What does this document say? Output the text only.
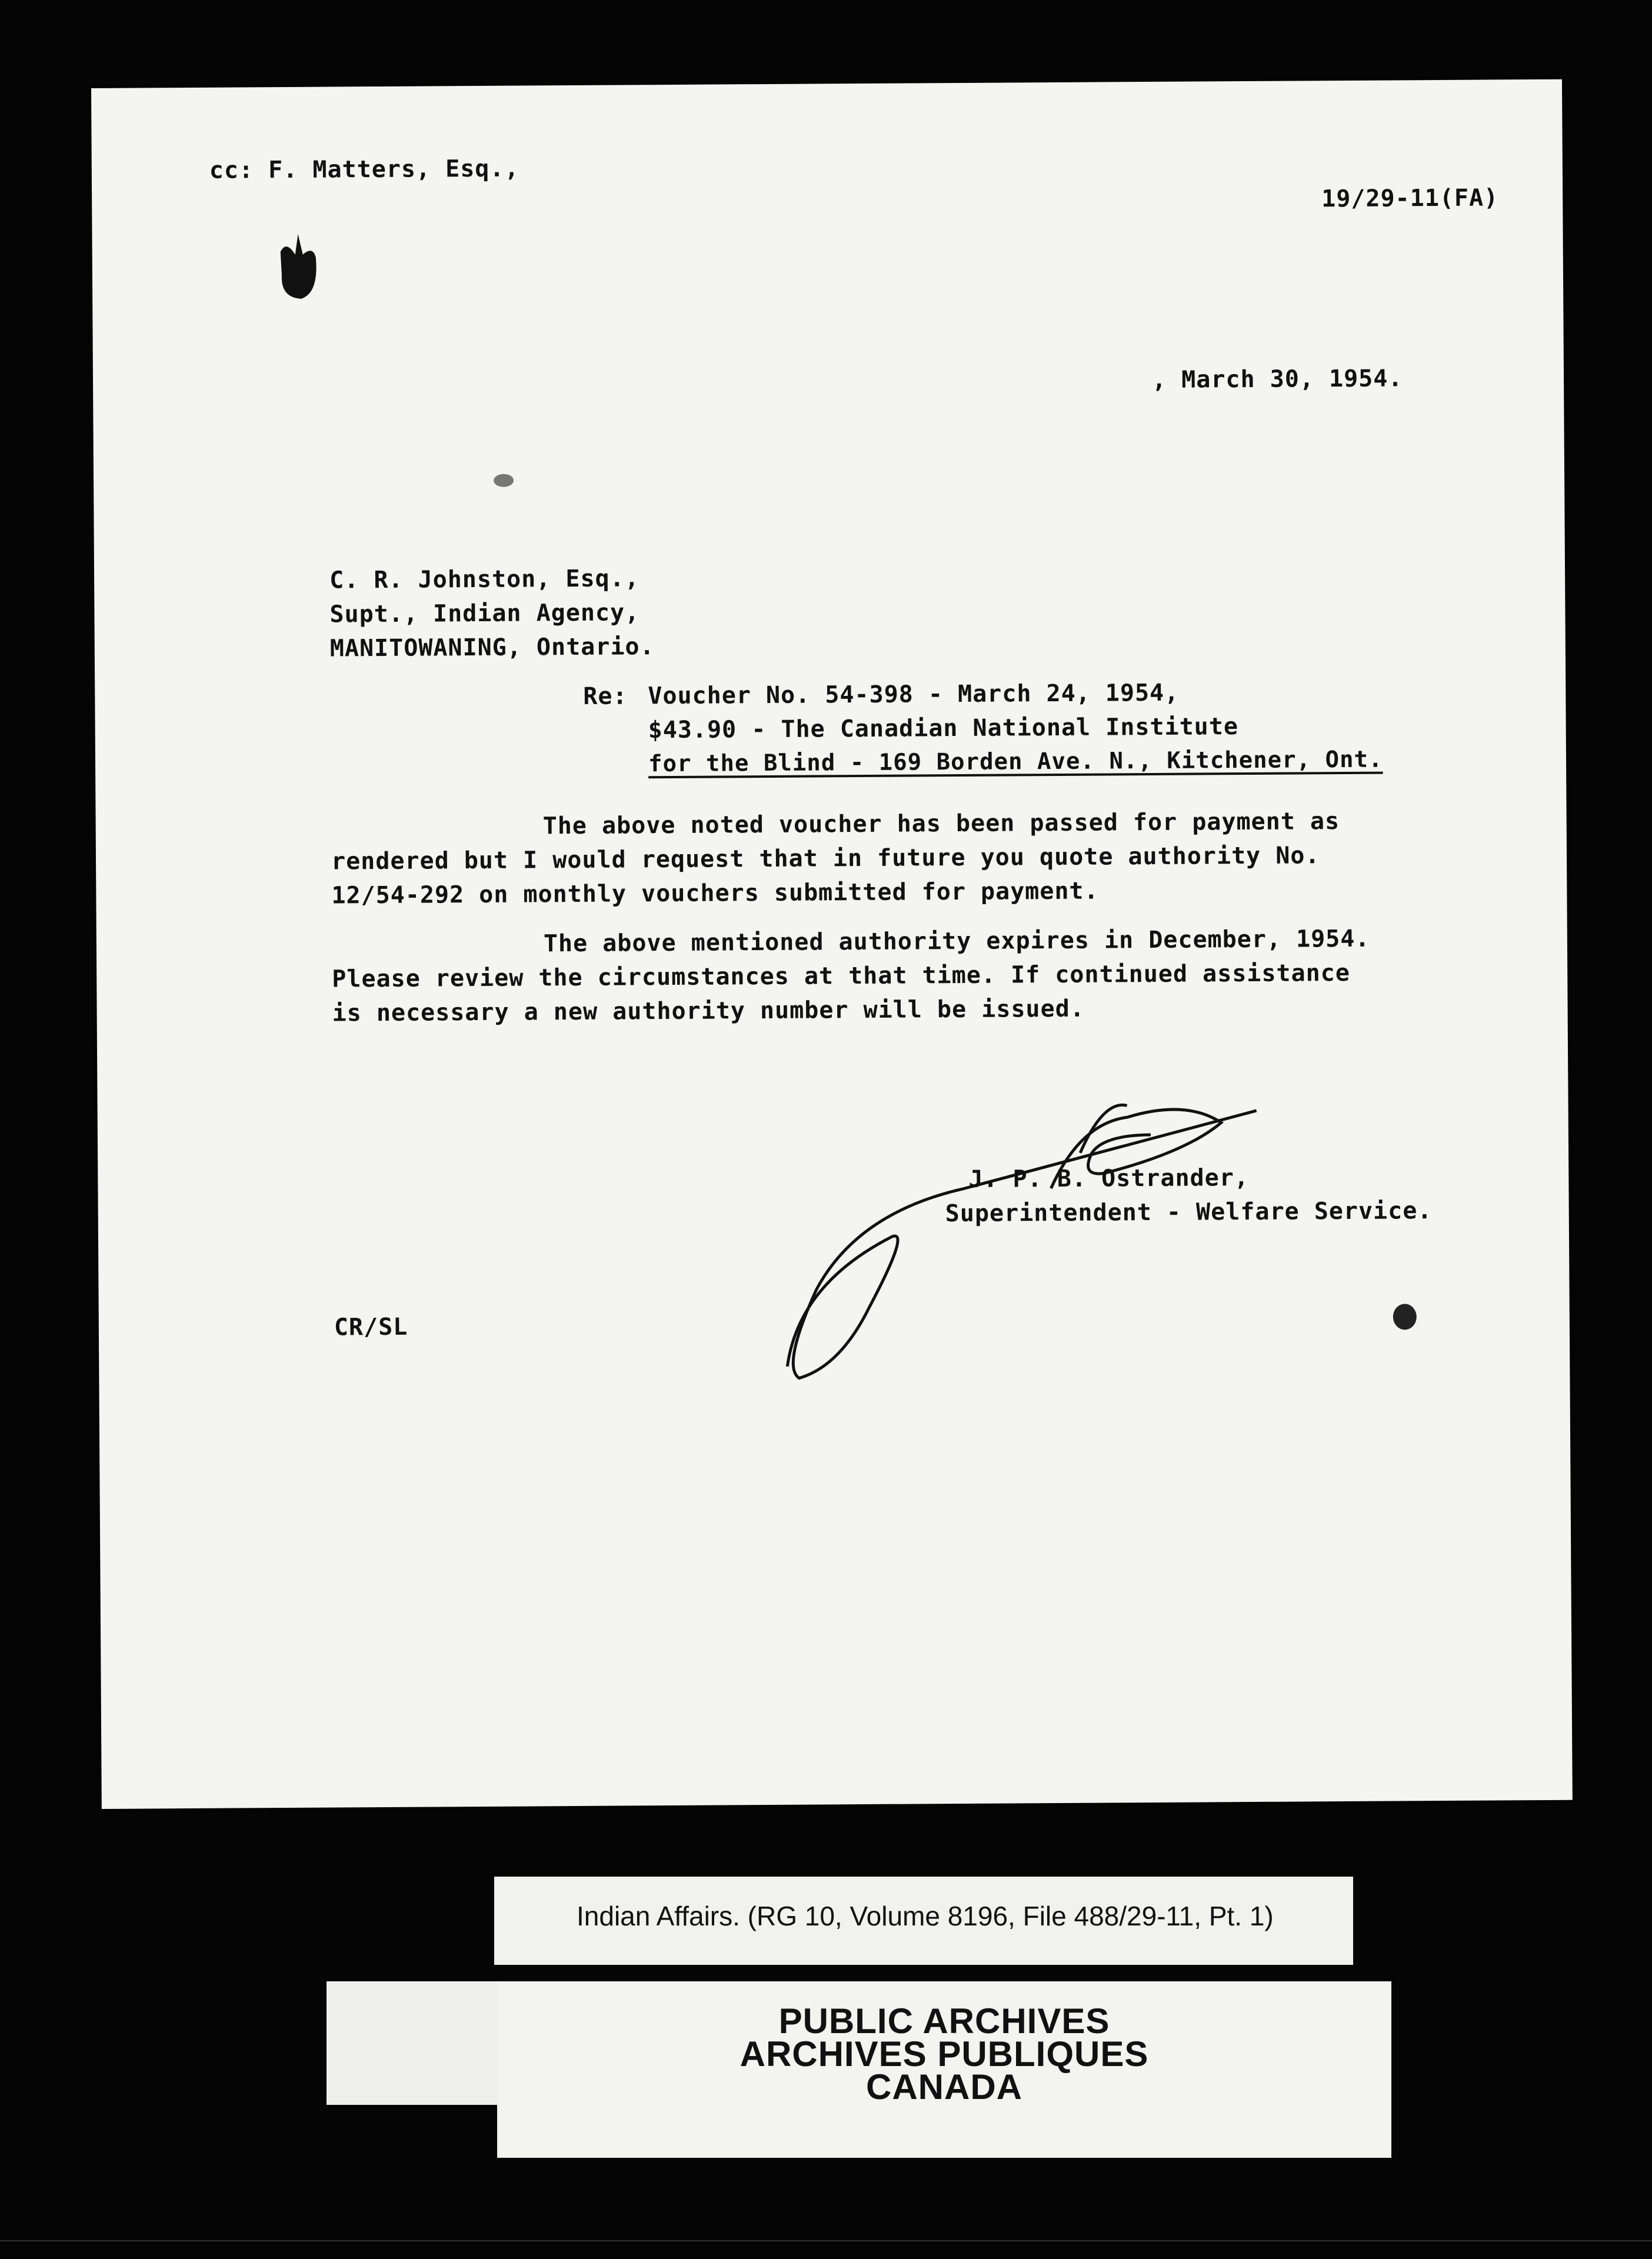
cc: F. Matters, Esq.,
19/29-11(FA)
, March 30, 1954.
C. R. Johnston, Esq.,
Supt., Indian Agency,
MANITOWANING, Ontario.
Re: Voucher No. 54-398 - March 24, 1954,
$43.90 - The Canadian National Institute
for the Blind - 169 Borden Ave. N., Kitchener, Ont.
The above noted voucher has been passed for payment as rendered but I would request that in future you quote authority No. 12/54-292 on monthly vouchers submitted for payment.
The above mentioned authority expires in December, 1954. Please review the circumstances at that time. If continued assistance is necessary a new authority number will be issued.
J. P. B. Ostrander,
Superintendent - Welfare Service.
CR/SL
Indian Affairs. (RG 10, Volume 8196, File 488/29-11, Pt. 1)
PUBLIC ARCHIVES
ARCHIVES PUBLIQUES
CANADA
